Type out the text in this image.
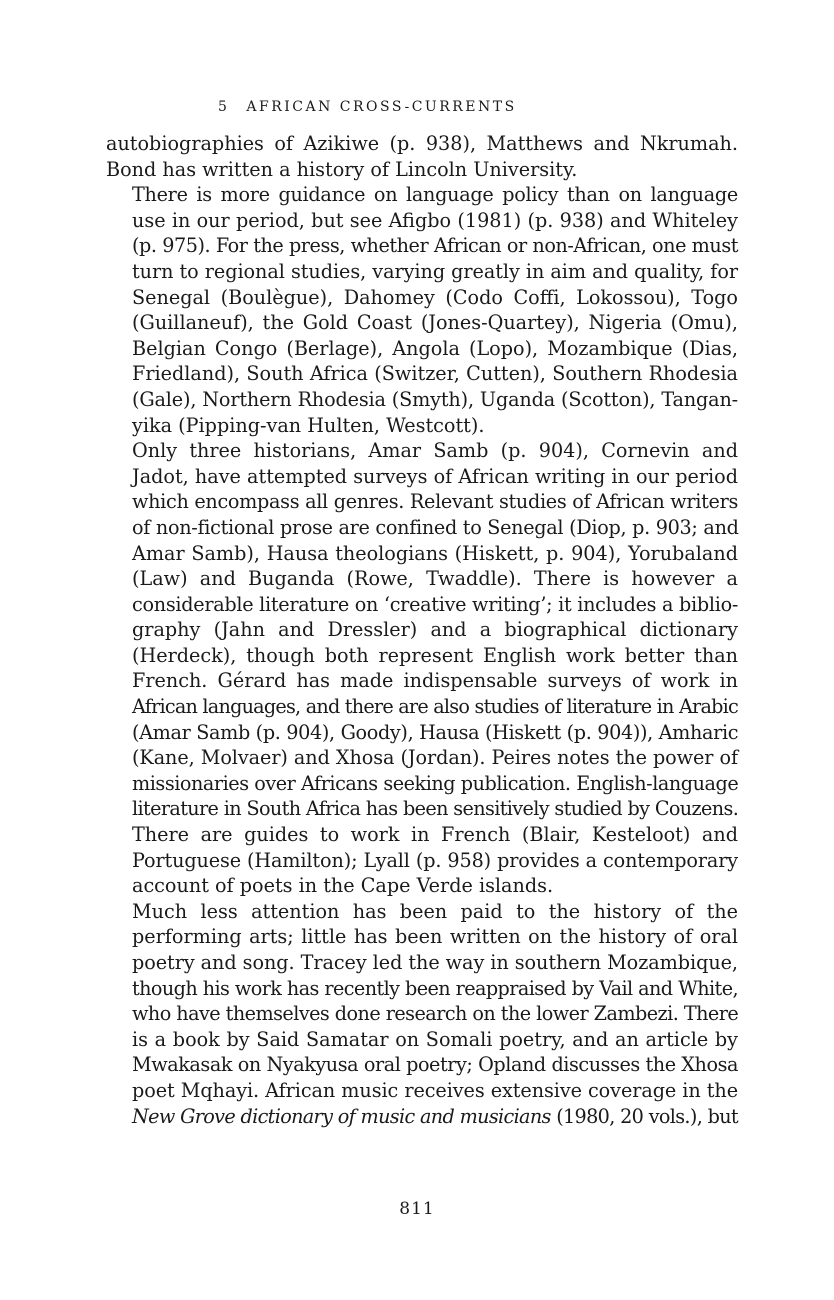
5 AFRICAN CROSS-CURRENTS

autobiographies of Azikiwe (p. 938), Matthews and Nkrumah.
Bond has written a history of Lincoln University.

There is more guidance on language policy than on language
use in our period, but see Afigbo (1981) (p. 938) and Whiteley
(p. 975). For the press, whether African or non-African, one must
turn to regional studies, varying greatly in aim and quality, for
Senegal (Boulègue), Dahomey (Codo Coffi, Lokossou), Togo
(Guillaneuf), the Gold Coast (Jones-Quartey), Nigeria (Omu),
Belgian Congo (Berlage), Angola (Lopo), Mozambique (Dias,
Friedland), South Africa (Switzer, Cutten), Southern Rhodesia
(Gale), Northern Rhodesia (Smyth), Uganda (Scotton), Tangan-
yika (Pipping-van Hulten, Westcott).

Only three historians, Amar Samb (p. 904), Cornevin and
Jadot, have attempted surveys of African writing in our period
which encompass all genres. Relevant studies of African writers
of non-fictional prose are confined to Senegal (Diop, p. 903; and
Amar Samb), Hausa theologians (Hiskett, p. 904), Yorubaland
(Law) and Buganda (Rowe, Twaddle). There is however a
considerable literature on ‘creative writing’; it includes a biblio-
graphy (Jahn and Dressler) and a biographical dictionary
(Herdeck), though both represent English work better than
French. Gérard has made indispensable surveys of work in
African languages, and there are also studies of literature in Arabic
(Amar Samb (p. 904), Goody), Hausa (Hiskett (p. 904)), Amharic
(Kane, Molvaer) and Xhosa (Jordan). Peires notes the power of
missionaries over Africans seeking publication. English-language
literature in South Africa has been sensitively studied by Couzens.
There are guides to work in French (Blair, Kesteloot) and
Portuguese (Hamilton); Lyall (p. 958) provides a contemporary
account of poets in the Cape Verde islands.

Much less attention has been paid to the history of the
performing arts; little has been written on the history of oral
poetry and song. Tracey led the way in southern Mozambique,
though his work has recently been reappraised by Vail and White,
who have themselves done research on the lower Zambezi. There
is a book by Said Samatar on Somali poetry, and an article by
Mwakasak on Nyakyusa oral poetry; Opland discusses the Xhosa
poet Mqhayi. African music receives extensive coverage in the
New Grove dictionary of music and musicians (1980, 20 vols.), but

811
